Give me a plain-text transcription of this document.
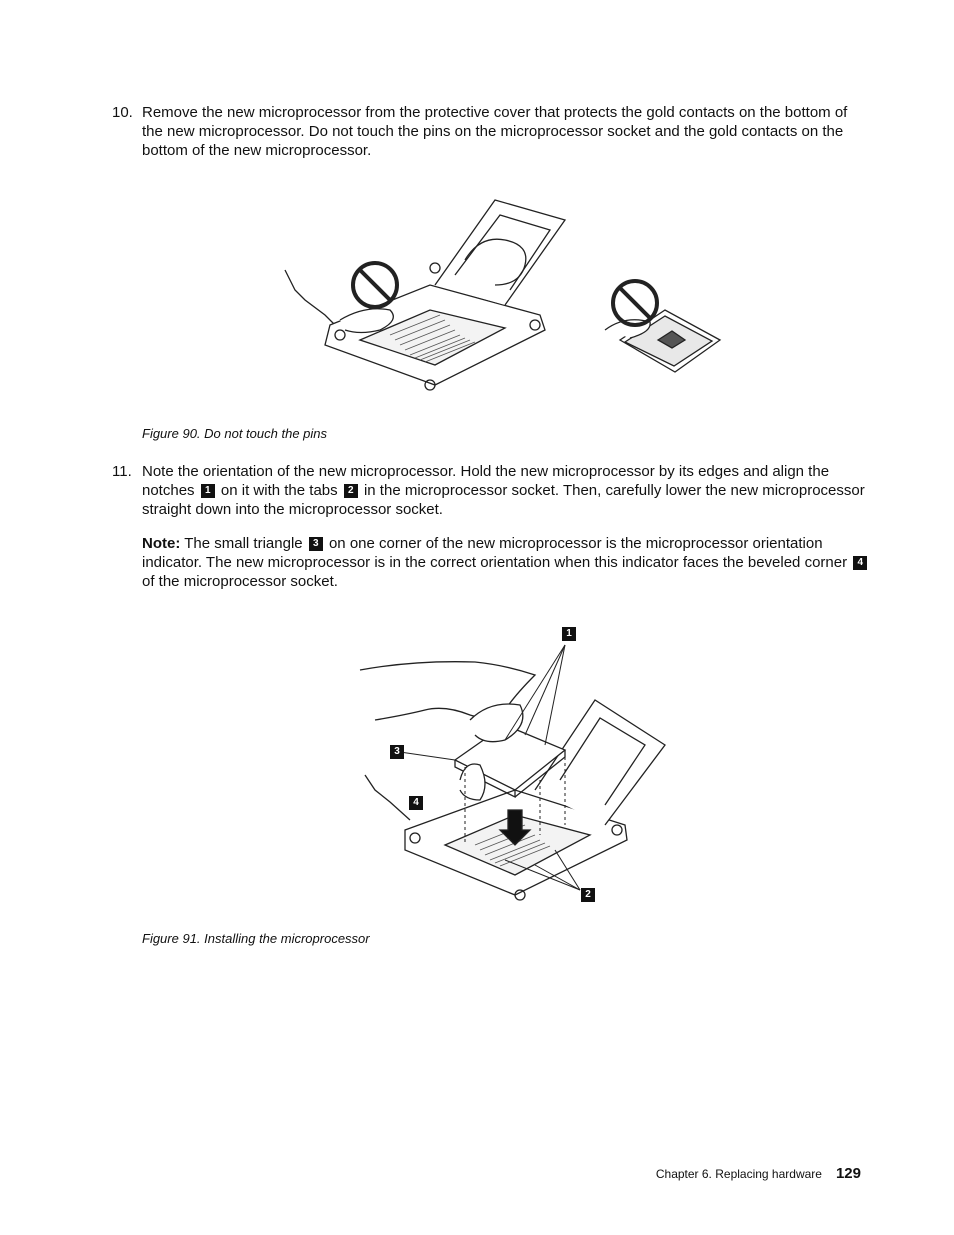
10. Remove the new microprocessor from the protective cover that protects the gold contacts on the bottom of the new microprocessor. Do not touch the pins on the microprocessor socket and the gold contacts on the bottom of the new microprocessor.
Figure 90. Do not touch the pins
11. Note the orientation of the new microprocessor. Hold the new microprocessor by its edges and align the notches 1 on it with the tabs 2 in the microprocessor socket. Then, carefully lower the new microprocessor straight down into the microprocessor socket.
Note: The small triangle 3 on one corner of the new microprocessor is the microprocessor orientation indicator. The new microprocessor is in the correct orientation when this indicator faces the beveled corner 4 of the microprocessor socket.
1
2
3
4
Figure 91. Installing the microprocessor
Chapter 6. Replacing hardware 129
